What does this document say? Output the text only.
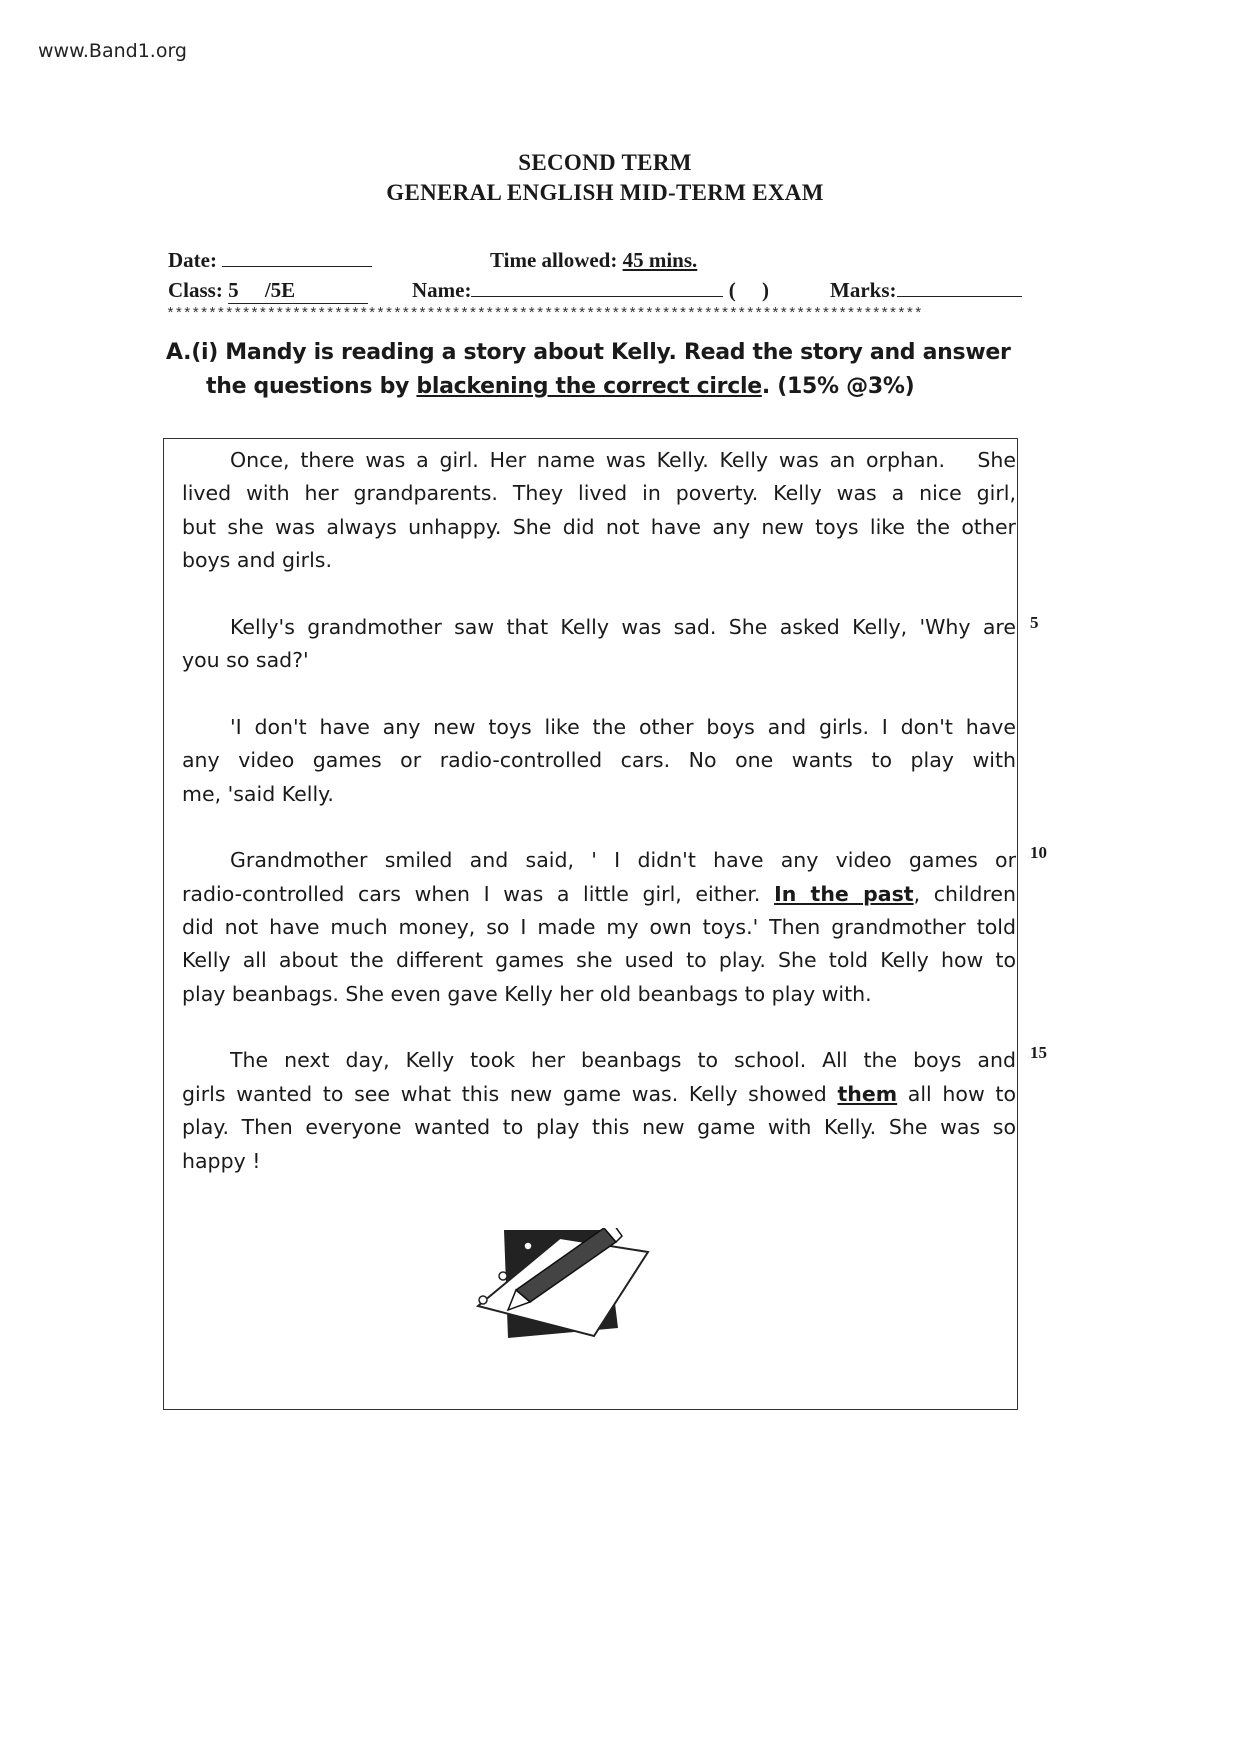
www.Band1.org
SECOND TERM
GENERAL ENGLISH MID-TERM EXAM
Date:	Time allowed: 45 mins.
Class: 5 /5E	Name:	(     )	Marks:
******************************************************************************************
A.(i) Mandy is reading a story about Kelly. Read the story and answer
the questions by blackening the correct circle. (15% @3%)
Once, there was a girl. Her name was Kelly. Kelly was an orphan.   She
lived with her grandparents. They lived in poverty. Kelly was a nice girl,
but she was always unhappy. She did not have any new toys like the other
boys and girls.
Kelly's grandmother saw that Kelly was sad. She asked Kelly, 'Why are
you so sad?'
'I don't have any new toys like the other boys and girls. I don't have
any video games or radio-controlled cars. No one wants to play with
me, 'said Kelly.
Grandmother smiled and said, ' I didn't have any video games or
radio-controlled cars when I was a little girl, either. In the past, children
did not have much money, so I made my own toys.' Then grandmother told
Kelly all about the different games she used to play. She told Kelly how to
play beanbags. She even gave Kelly her old beanbags to play with.
The next day, Kelly took her beanbags to school. All the boys and
girls wanted to see what this new game was. Kelly showed them all how to
play. Then everyone wanted to play this new game with Kelly. She was so
happy !
5
10
15
